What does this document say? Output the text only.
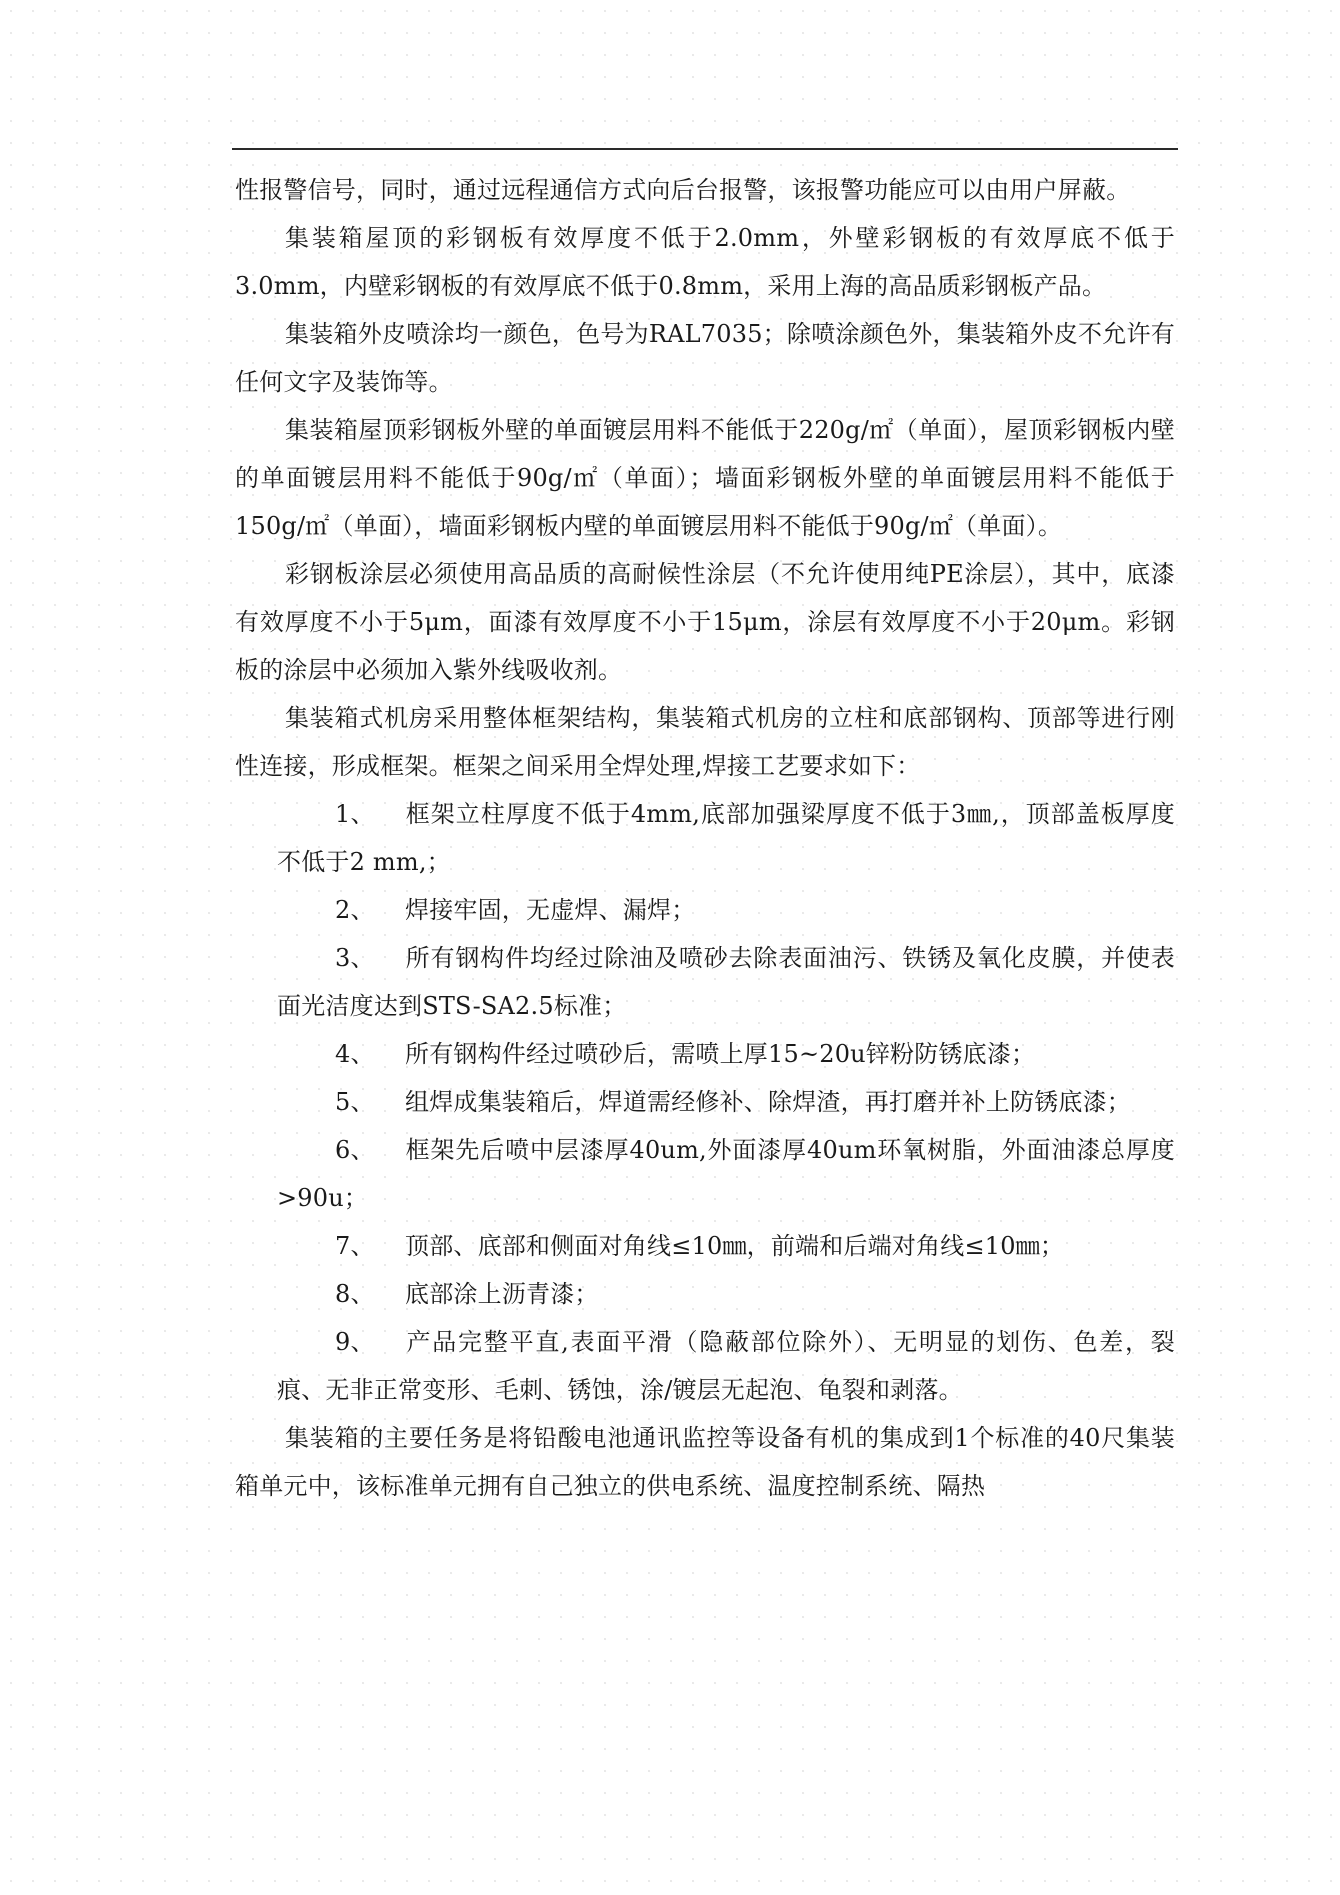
性报警信号，同时，通过远程通信方式向后台报警，该报警功能应可以由用户屏蔽。

集装箱屋顶的彩钢板有效厚度不低于2.0mm，外壁彩钢板的有效厚底不低于3.0mm，内壁彩钢板的有效厚底不低于0.8mm，采用上海的高品质彩钢板产品。

集装箱外皮喷涂均一颜色，色号为RAL7035；除喷涂颜色外，集装箱外皮不允许有任何文字及装饰等。

集装箱屋顶彩钢板外壁的单面镀层用料不能低于220g/㎡（单面），屋顶彩钢板内壁的单面镀层用料不能低于90g/㎡（单面）；墙面彩钢板外壁的单面镀层用料不能低于150g/㎡（单面），墙面彩钢板内壁的单面镀层用料不能低于90g/㎡（单面）。

彩钢板涂层必须使用高品质的高耐候性涂层（不允许使用纯PE涂层），其中，底漆有效厚度不小于5μm，面漆有效厚度不小于15μm，涂层有效厚度不小于20μm。彩钢板的涂层中必须加入紫外线吸收剂。

集装箱式机房采用整体框架结构，集装箱式机房的立柱和底部钢构、顶部等进行刚性连接，形成框架。框架之间采用全焊处理,焊接工艺要求如下：

1、 框架立柱厚度不低于4mm,底部加强梁厚度不低于3㎜,，顶部盖板厚度不低于2 mm,；

2、 焊接牢固，无虚焊、漏焊；

3、 所有钢构件均经过除油及喷砂去除表面油污、铁锈及氧化皮膜，并使表面光洁度达到STS-SA2.5标准；

4、 所有钢构件经过喷砂后，需喷上厚15~20u锌粉防锈底漆；

5、 组焊成集装箱后，焊道需经修补、除焊渣，再打磨并补上防锈底漆；

6、 框架先后喷中层漆厚40um,外面漆厚40um环氧树脂，外面油漆总厚度>90u；

7、 顶部、底部和侧面对角线≤10㎜，前端和后端对角线≤10㎜；

8、 底部涂上沥青漆；

9、 产品完整平直,表面平滑（隐蔽部位除外）、无明显的划伤、色差，裂痕、无非正常变形、毛刺、锈蚀，涂/镀层无起泡、龟裂和剥落。

集装箱的主要任务是将铅酸电池通讯监控等设备有机的集成到1个标准的40尺集装箱单元中，该标准单元拥有自己独立的供电系统、温度控制系统、隔热
